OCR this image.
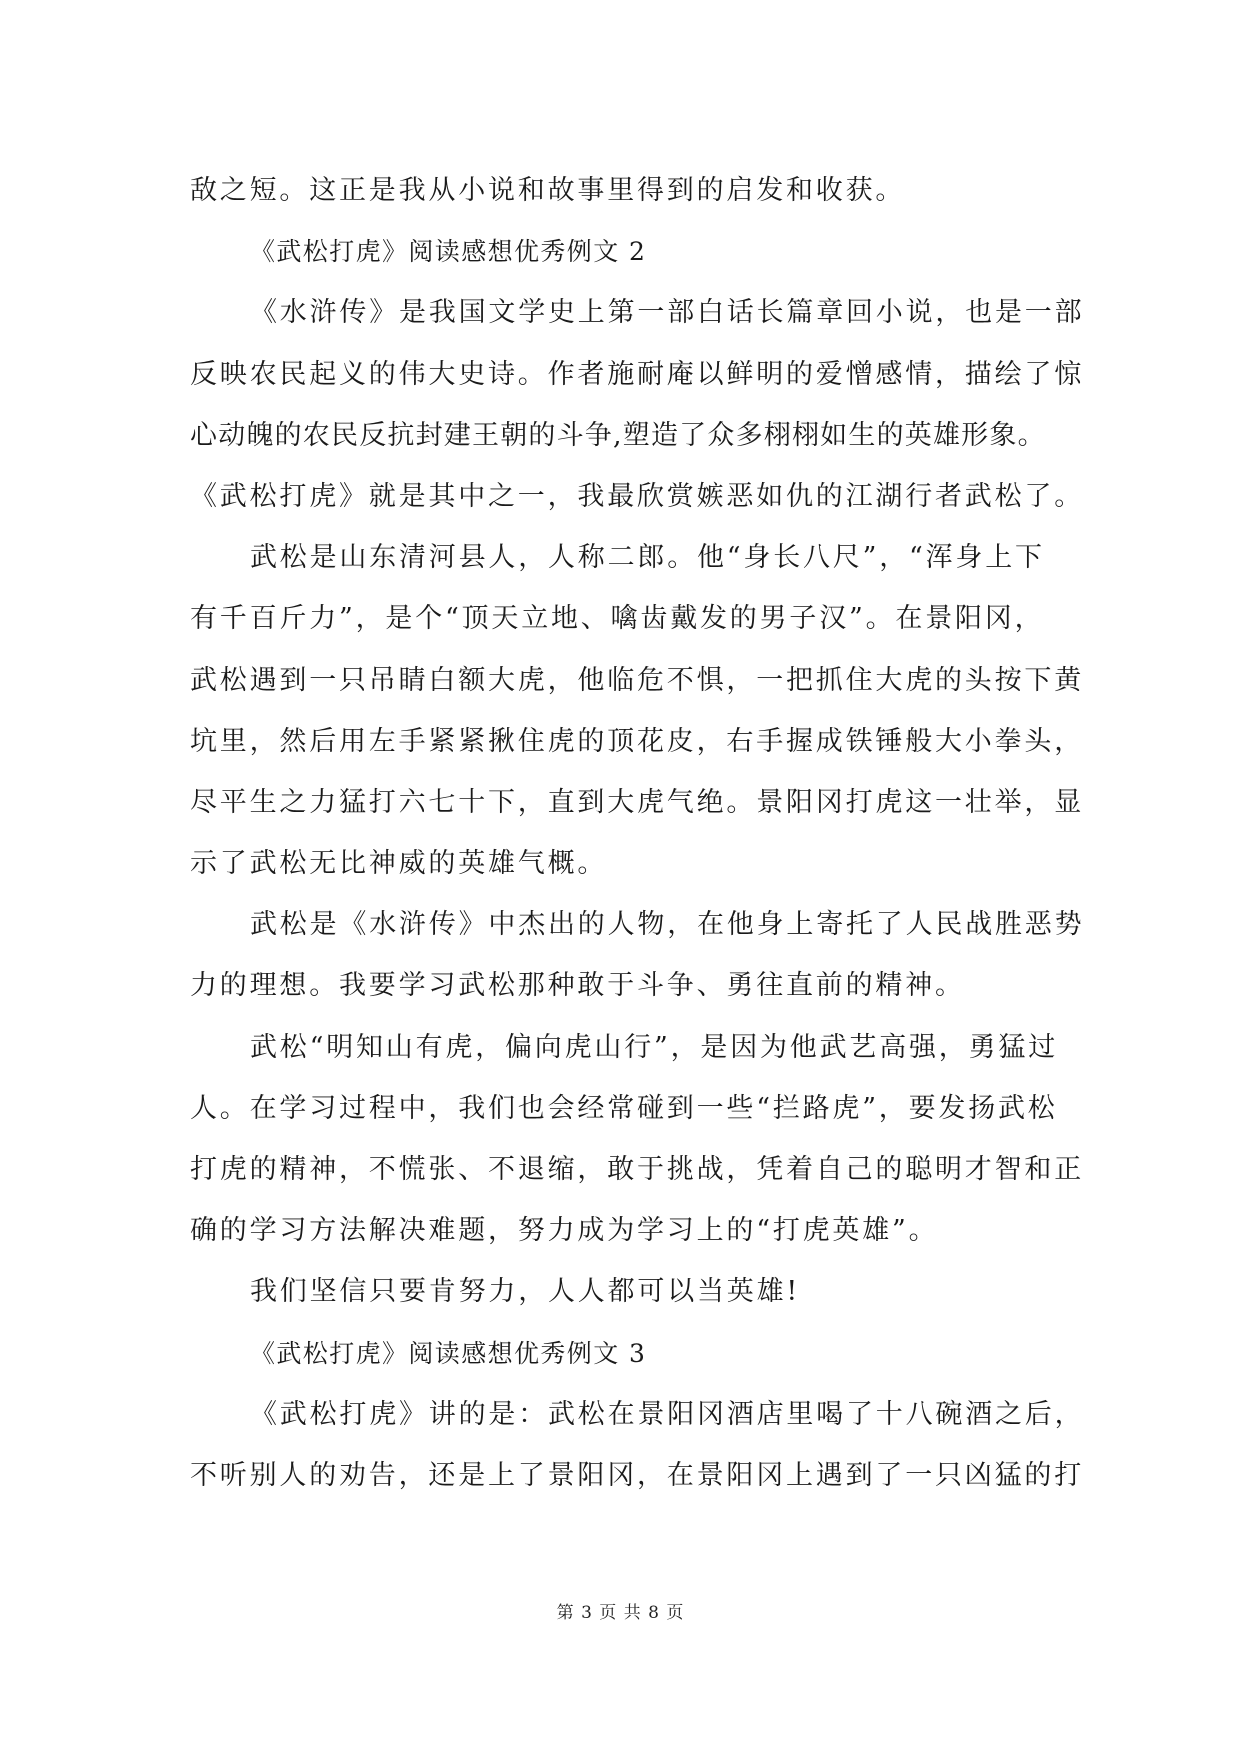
敌之短。这正是我从小说和故事里得到的启发和收获。
《武松打虎》阅读感想优秀例文 2
《水浒传》是我国文学史上第一部白话长篇章回小说，也是一部
反映农民起义的伟大史诗。作者施耐庵以鲜明的爱憎感情，描绘了惊
心动魄的农民反抗封建王朝的斗争,塑造了众多栩栩如生的英雄形象。
《武松打虎》就是其中之一，我最欣赏嫉恶如仇的江湖行者武松了。
武松是山东清河县人，人称二郎。他“身长八尺”，“浑身上下
有千百斤力”，是个“顶天立地、噙齿戴发的男子汉”。在景阳冈，
武松遇到一只吊睛白额大虎，他临危不惧，一把抓住大虎的头按下黄
坑里，然后用左手紧紧揪住虎的顶花皮，右手握成铁锤般大小拳头，
尽平生之力猛打六七十下，直到大虎气绝。景阳冈打虎这一壮举，显
示了武松无比神威的英雄气概。
武松是《水浒传》中杰出的人物，在他身上寄托了人民战胜恶势
力的理想。我要学习武松那种敢于斗争、勇往直前的精神。
武松“明知山有虎，偏向虎山行”，是因为他武艺高强，勇猛过
人。在学习过程中，我们也会经常碰到一些“拦路虎”，要发扬武松
打虎的精神，不慌张、不退缩，敢于挑战，凭着自己的聪明才智和正
确的学习方法解决难题，努力成为学习上的“打虎英雄”。
我们坚信只要肯努力，人人都可以当英雄!
《武松打虎》阅读感想优秀例文 3
《武松打虎》讲的是：武松在景阳冈酒店里喝了十八碗酒之后，
不听别人的劝告，还是上了景阳冈，在景阳冈上遇到了一只凶猛的打
第 3 页 共 8 页
